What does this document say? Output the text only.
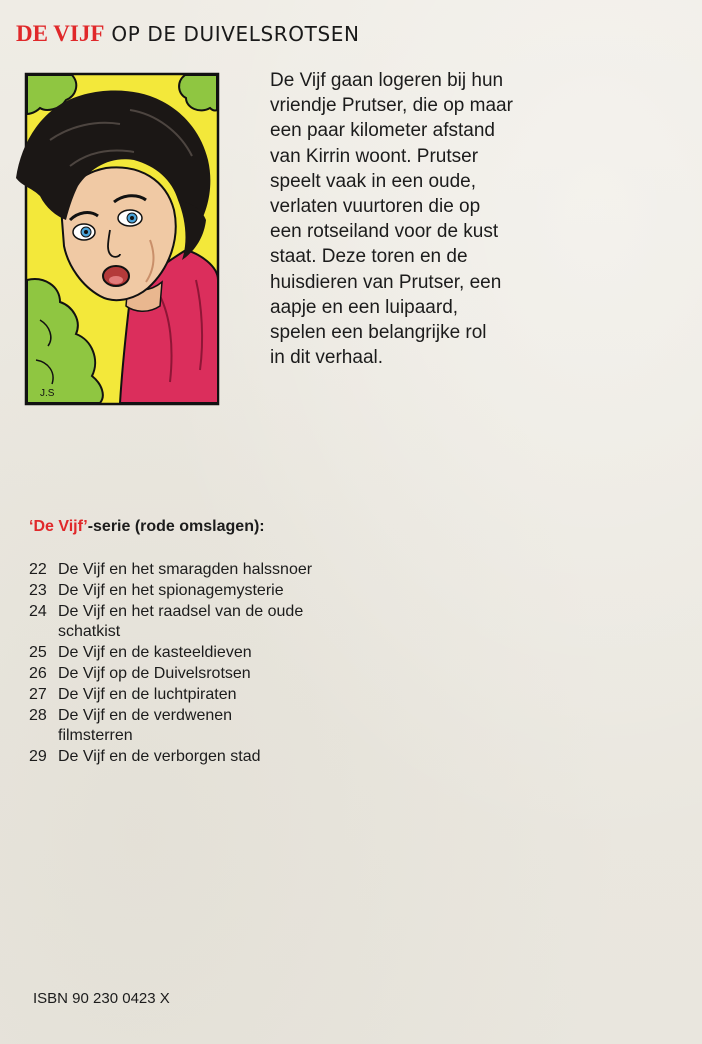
DE VIJF OP DE DUIVELSROTSEN
J.S
De Vijf gaan logeren bij hun
vriendje Prutser, die op maar
een paar kilometer afstand
van Kirrin woont. Prutser
speelt vaak in een oude,
verlaten vuurtoren die op
een rotseiland voor de kust
staat. Deze toren en de
huisdieren van Prutser, een
aapje en een luipaard,
spelen een belangrijke rol
in dit verhaal.
‘De Vijf’-serie (rode omslagen):
22 De Vijf en het smaragden halssnoer
23 De Vijf en het spionagemysterie
24 De Vijf en het raadsel van de oude
schatkist
25 De Vijf en de kasteeldieven
26 De Vijf op de Duivelsrotsen
27 De Vijf en de luchtpiraten
28 De Vijf en de verdwenen
filmsterren
29 De Vijf en de verborgen stad
ISBN 90 230 0423 X
